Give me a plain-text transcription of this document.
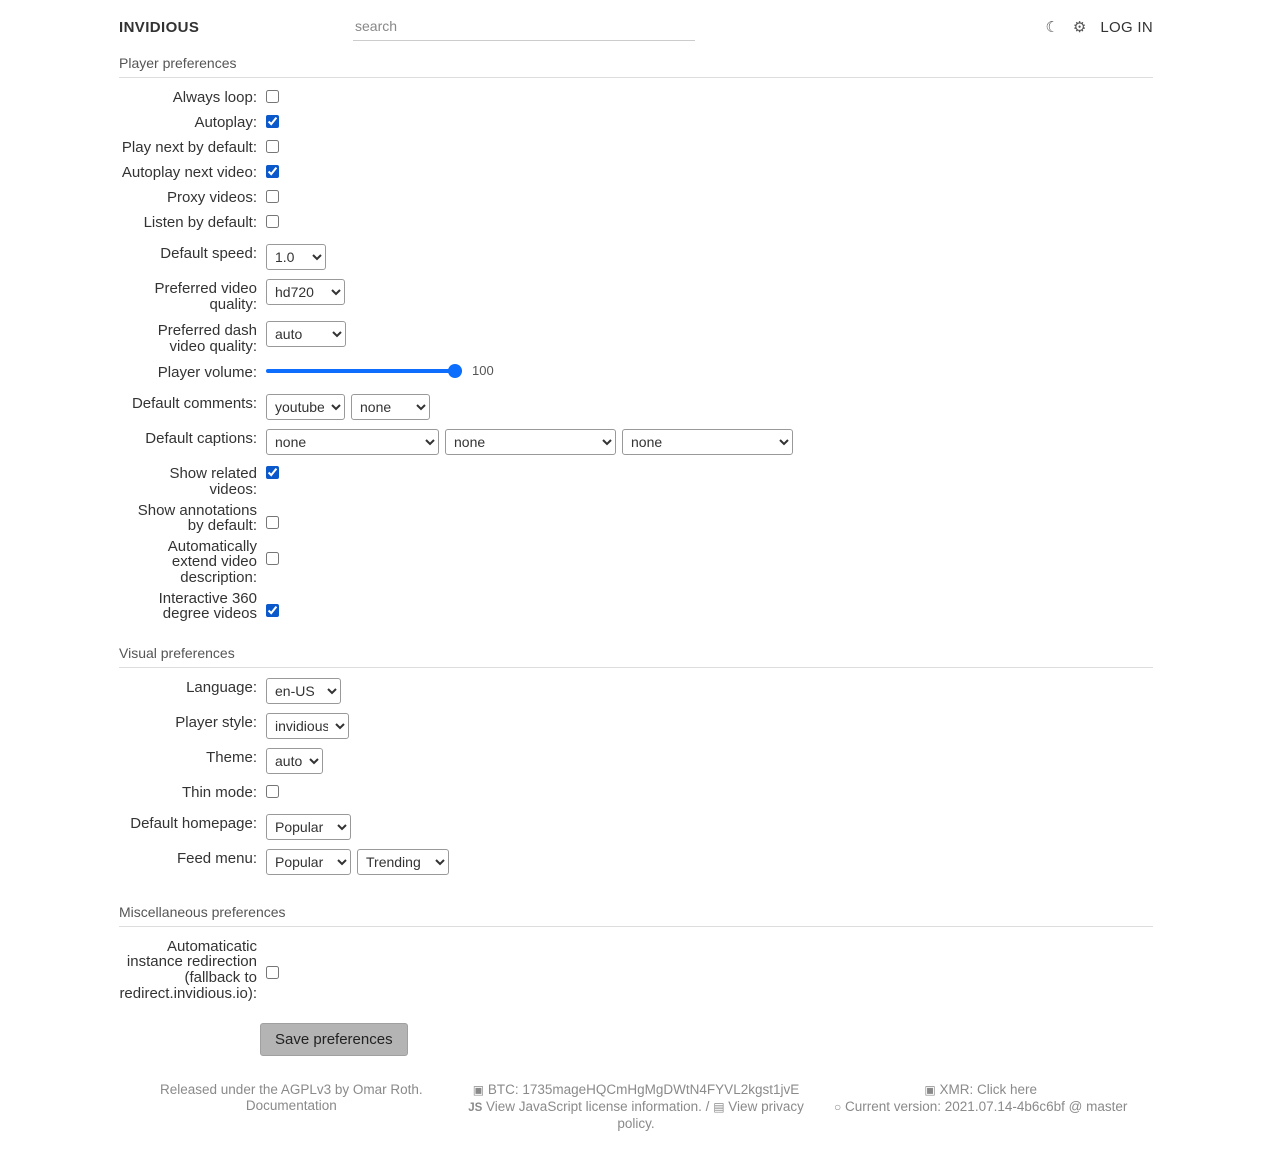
INVIDIOUS
search	☾ ⚙ LOG IN
Player preferences
Always loop:
Autoplay:
Play next by default:
Autoplay next video:
Proxy videos:
Listen by default:
Default speed:
1.0
Preferred video quality:
hd720
Preferred dash video quality:
auto
Player volume:	100
Default comments:
youtube
none
Default captions:
none
none
none
Show related videos:
Show annotations by default:
Automatically extend video description:
Interactive 360 degree videos
Visual preferences
Language:
en-US
Player style:
invidious
Theme:
auto
Thin mode:
Default homepage:
Popular
Feed menu:
Popular
Trending
Miscellaneous preferences
Automaticatic instance redirection (fallback to redirect.invidious.io):
Save preferences
Released under the AGPLv3 by Omar Roth.
Documentation
▣ BTC: 1735mageHQCmHgMgDWtN4FYVL2kgst1jvE
JS View JavaScript license information. / ▤ View privacy policy.
▣ XMR: Click here
○ Current version: 2021.07.14-4b6c6bf @ master
